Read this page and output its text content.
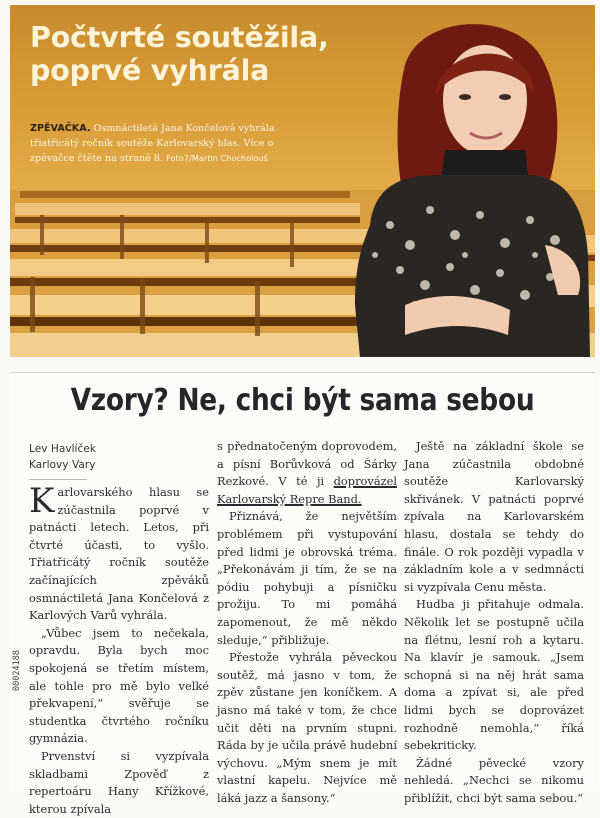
Počtvrté soutěžila,
poprvé vyhrála

ZPĚVAČKA. Osmnáctiletá Jana Končelová vyhrála třiatřicátý ročník soutěže Karlovarský hlas. Více o zpěvačce čtěte na straně 8. Foto7/Martin Chocholouš

Vzory? Ne, chci být sama sebou
Lev Havlíček
Karlovy Vary

Karlovarského hlasu se zúčastnila poprvé v patnácti letech. Letos, při čtvrté účasti, to vyšlo. Třiatřicátý ročník soutěže začínajících zpěváků osmnáctiletá Jana Končelová z Karlových Varů vyhrála.

„Vůbec jsem to nečekala, opravdu. Byla bych moc spokojená se třetím místem, ale tohle pro mě bylo velké překvapení,“ svěřuje se studentka čtvrtého ročníku gymnázia.

Prvenství si vyzpívala skladbami Zpověď z repertoáru Hany Křížkové, kterou zpívala

s přednatočeným doprovodem, a písní Borůvková od Šárky Rezkové. V té ji doprovázel Karlovarský Repre Band.

Přiznává, že největším problémem při vystupování před lidmi je obrovská tréma. „Překonávám ji tím, že se na pódiu pohybuji a písničku prožiju. To mi pomáhá zapomenout, že mě někdo sleduje,“ přibližuje.

Přestože vyhrála pěveckou soutěž, má jasno v tom, že zpěv zůstane jen koníčkem. A jasno má také v tom, že chce učit děti na prvním stupni. Ráda by je učila právě hudební výchovu. „Mým snem je mít vlastní kapelu. Nejvíce mě láká jazz a šansony.“

Ještě na základní škole se Jana zúčastnila obdobné soutěže Karlovarský skřivánek. V patnácti poprvé zpívala na Karlovarském hlasu, dostala se tehdy do finále. O rok později vypadla v základním kole a v sedmnácti si vyzpívala Cenu města.

Hudba ji přitahuje odmala. Několik let se postupně učila na flétnu, lesní roh a kytaru. Na klavír je samouk. „Jsem schopná si na něj hrát sama doma a zpívat si, ale před lidmi bych se doprovázet rozhodně nemohla,“ říká sebekriticky.

Žádné pěvecké vzory nehledá. „Nechci se nikomu přiblížit, chci být sama sebou.“

00024188
